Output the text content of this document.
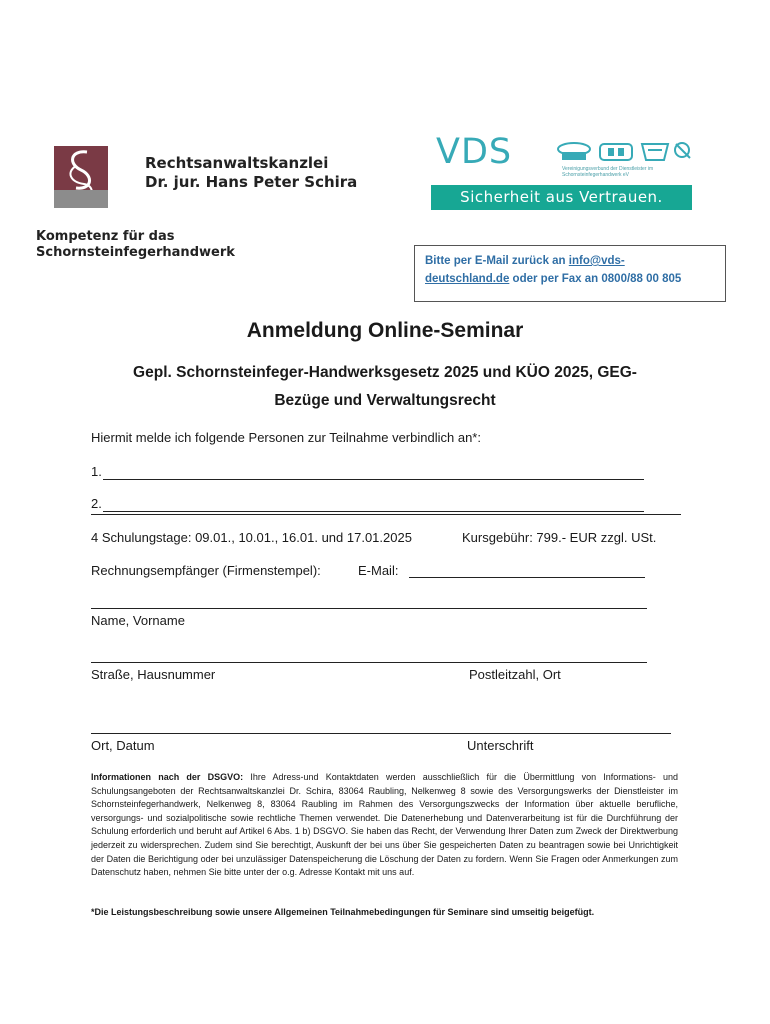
Rechtsanwaltskanzlei
Dr. jur. Hans Peter Schira
Kompetenz für das
Schornsteinfegerhandwerk
VDS	Vereinigungsverbund der Dienstleister im Schornsteinfegerhandwerk eV
Sicherheit aus Vertrauen.
Bitte per E-Mail zurück an info@vds-
deutschland.de oder per Fax an 0800/88 00 805
Anmeldung Online-Seminar
Gepl. Schornsteinfeger-Handwerksgesetz 2025 und KÜO 2025, GEG-
Bezüge und Verwaltungsrecht
Hiermit melde ich folgende Personen zur Teilnahme verbindlich an*:
1.
2.
4 Schulungstage: 09.01., 10.01., 16.01. und 17.01.2025	Kursgebühr: 799.- EUR zzgl. USt.
Rechnungsempfänger (Firmenstempel):	E-Mail:
Name, Vorname
Straße, Hausnummer	Postleitzahl, Ort
Ort, Datum	Unterschrift
Informationen nach der DSGVO: Ihre Adress-und Kontaktdaten werden ausschließlich für die Übermittlung von Informations- und Schulungsangeboten der Rechtsanwaltskanzlei Dr. Schira, 83064 Raubling, Nelkenweg 8 sowie des Versorgungswerks der Dienstleister im Schornsteinfegerhandwerk, Nelkenweg 8, 83064 Raubling im Rahmen des Versorgungszwecks der Information über aktuelle berufliche, versorgungs- und sozialpolitische sowie rechtliche Themen verwendet. Die Datenerhebung und Datenverarbeitung ist für die Durchführung der Schulung erforderlich und beruht auf Artikel 6 Abs. 1 b) DSGVO. Sie haben das Recht, der Verwendung Ihrer Daten zum Zweck der Direktwerbung jederzeit zu widersprechen. Zudem sind Sie berechtigt, Auskunft der bei uns über Sie gespeicherten Daten zu beantragen sowie bei Unrichtigkeit der Daten die Berichtigung oder bei unzulässiger Datenspeicherung die Löschung der Daten zu fordern. Wenn Sie Fragen oder Anmerkungen zum Datenschutz haben, nehmen Sie bitte unter der o.g. Adresse Kontakt mit uns auf.
*Die Leistungsbeschreibung sowie unsere Allgemeinen Teilnahmebedingungen für Seminare sind umseitig beigefügt.
